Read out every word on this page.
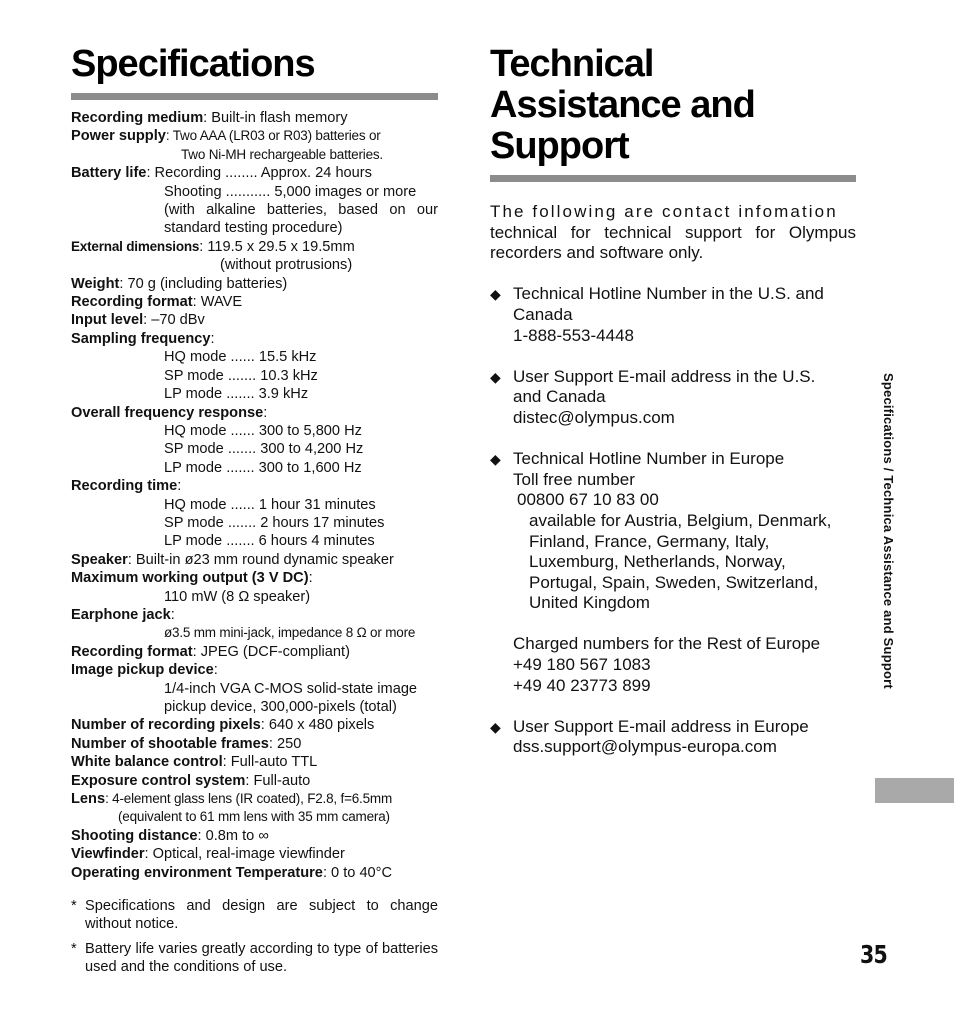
Specifications
Recording medium: Built-in flash memory
Power supply: Two AAA (LR03 or R03) batteries or
Two Ni-MH rechargeable batteries.
Battery life: Recording ........ Approx. 24 hours
Shooting ........... 5,000 images or more
(with alkaline batteries, based on our
standard testing procedure)
External dimensions: 119.5 x 29.5 x 19.5mm
(without protrusions)
Weight: 70 g (including batteries)
Recording format: WAVE
Input level: –70 dBv
Sampling frequency:
HQ mode ...... 15.5 kHz
SP mode ....... 10.3 kHz
LP mode ....... 3.9 kHz
Overall frequency response:
HQ mode ...... 300 to 5,800 Hz
SP mode ....... 300 to 4,200 Hz
LP mode ....... 300 to 1,600 Hz
Recording time:
HQ mode ...... 1 hour 31 minutes
SP mode ....... 2 hours 17 minutes
LP mode ....... 6 hours 4 minutes
Speaker: Built-in ø23 mm round dynamic speaker
Maximum working output (3 V DC):
110 mW (8 Ω speaker)
Earphone jack:
ø3.5 mm mini-jack, impedance 8 Ω or more
Recording format: JPEG (DCF-compliant)
Image pickup device:
1/4-inch VGA C-MOS solid-state image
pickup device, 300,000-pixels (total)
Number of recording pixels: 640 x 480 pixels
Number of shootable frames: 250
White balance control: Full-auto TTL
Exposure control system: Full-auto
Lens: 4-element glass lens (IR coated), F2.8, f=6.5mm
(equivalent to 61 mm lens with 35 mm camera)
Shooting distance: 0.8m to ∞
Viewfinder: Optical, real-image viewfinder
Operating environment Temperature: 0 to 40°C
* Specifications and design are subject to change without notice.
* Battery life varies greatly according to type of batteries used and the conditions of use.
Technical
Assistance and
Support
The following are contact infomation
technical for technical support for Olympus recorders and software only.
◆ Technical Hotline Number in the U.S. and
Canada
1-888-553-4448
◆ User Support E-mail address in the U.S.
and Canada
distec@olympus.com
◆ Technical Hotline Number in Europe
Toll free number
00800 67 10 83 00
available for Austria, Belgium, Denmark,
Finland, France, Germany, Italy,
Luxemburg, Netherlands, Norway,
Portugal, Spain, Sweden, Switzerland,
United Kingdom
Charged numbers for the Rest of Europe
+49 180 567 1083
+49 40 23773 899
◆ User Support E-mail address in Europe
dss.support@olympus-europa.com
Specifications / Technica Assistance and Support
35
